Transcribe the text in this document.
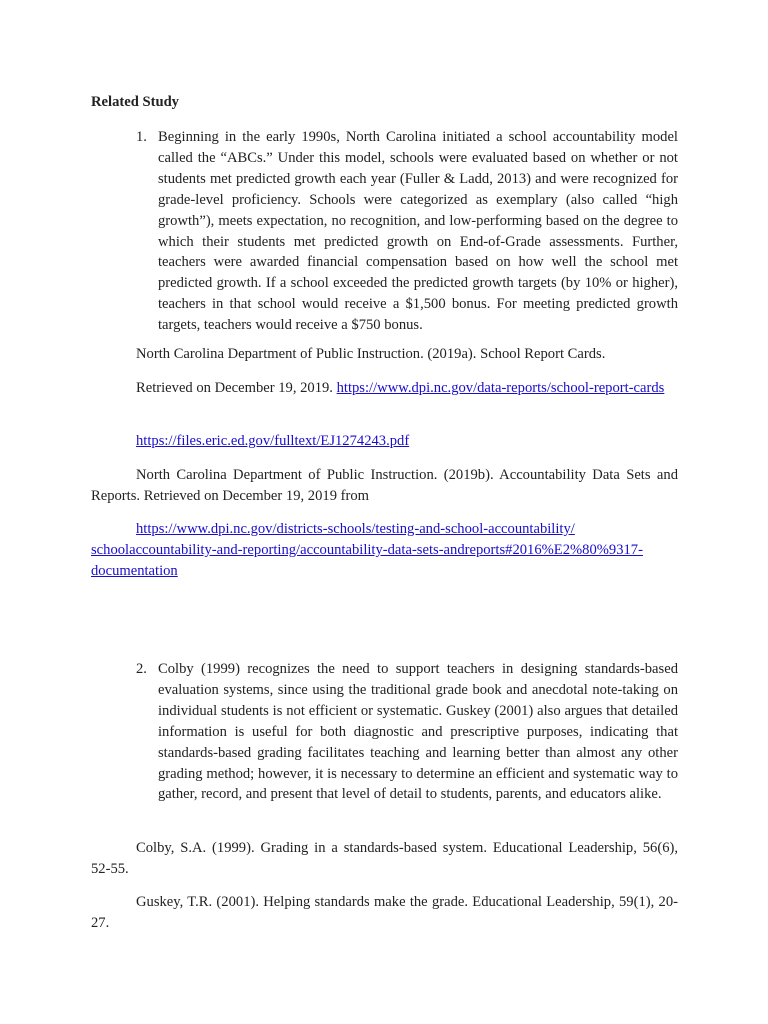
Related Study
1. Beginning in the early 1990s, North Carolina initiated a school accountability model called the “ABCs.” Under this model, schools were evaluated based on whether or not students met predicted growth each year (Fuller & Ladd, 2013) and were recognized for grade-level proficiency. Schools were categorized as exemplary (also called “high growth”), meets expectation, no recognition, and low-performing based on the degree to which their students met predicted growth on End-of-Grade assessments. Further, teachers were awarded financial compensation based on how well the school met predicted growth. If a school exceeded the predicted growth targets (by 10% or higher), teachers in that school would receive a $1,500 bonus. For meeting predicted growth targets, teachers would receive a $750 bonus.

North Carolina Department of Public Instruction. (2019a). School Report Cards.

Retrieved on December 19, 2019. https://www.dpi.nc.gov/data-reports/school-report-cards

https://files.eric.ed.gov/fulltext/EJ1274243.pdf

North Carolina Department of Public Instruction. (2019b). Accountability Data Sets and Reports. Retrieved on December 19, 2019 from

https://www.dpi.nc.gov/districts-schools/testing-and-school-accountability/ schoolaccountability-and-reporting/accountability-data-sets-andreports#2016%E2%80%9317-documentation

2. Colby (1999) recognizes the need to support teachers in designing standards-based evaluation systems, since using the traditional grade book and anecdotal note-taking on individual students is not efficient or systematic. Guskey (2001) also argues that detailed information is useful for both diagnostic and prescriptive purposes, indicating that standards-based grading facilitates teaching and learning better than almost any other grading method; however, it is necessary to determine an efficient and systematic way to gather, record, and present that level of detail to students, parents, and educators alike.

Colby, S.A. (1999). Grading in a standards-based system. Educational Leadership, 56(6), 52-55.

Guskey, T.R. (2001). Helping standards make the grade. Educational Leadership, 59(1), 20-27.
